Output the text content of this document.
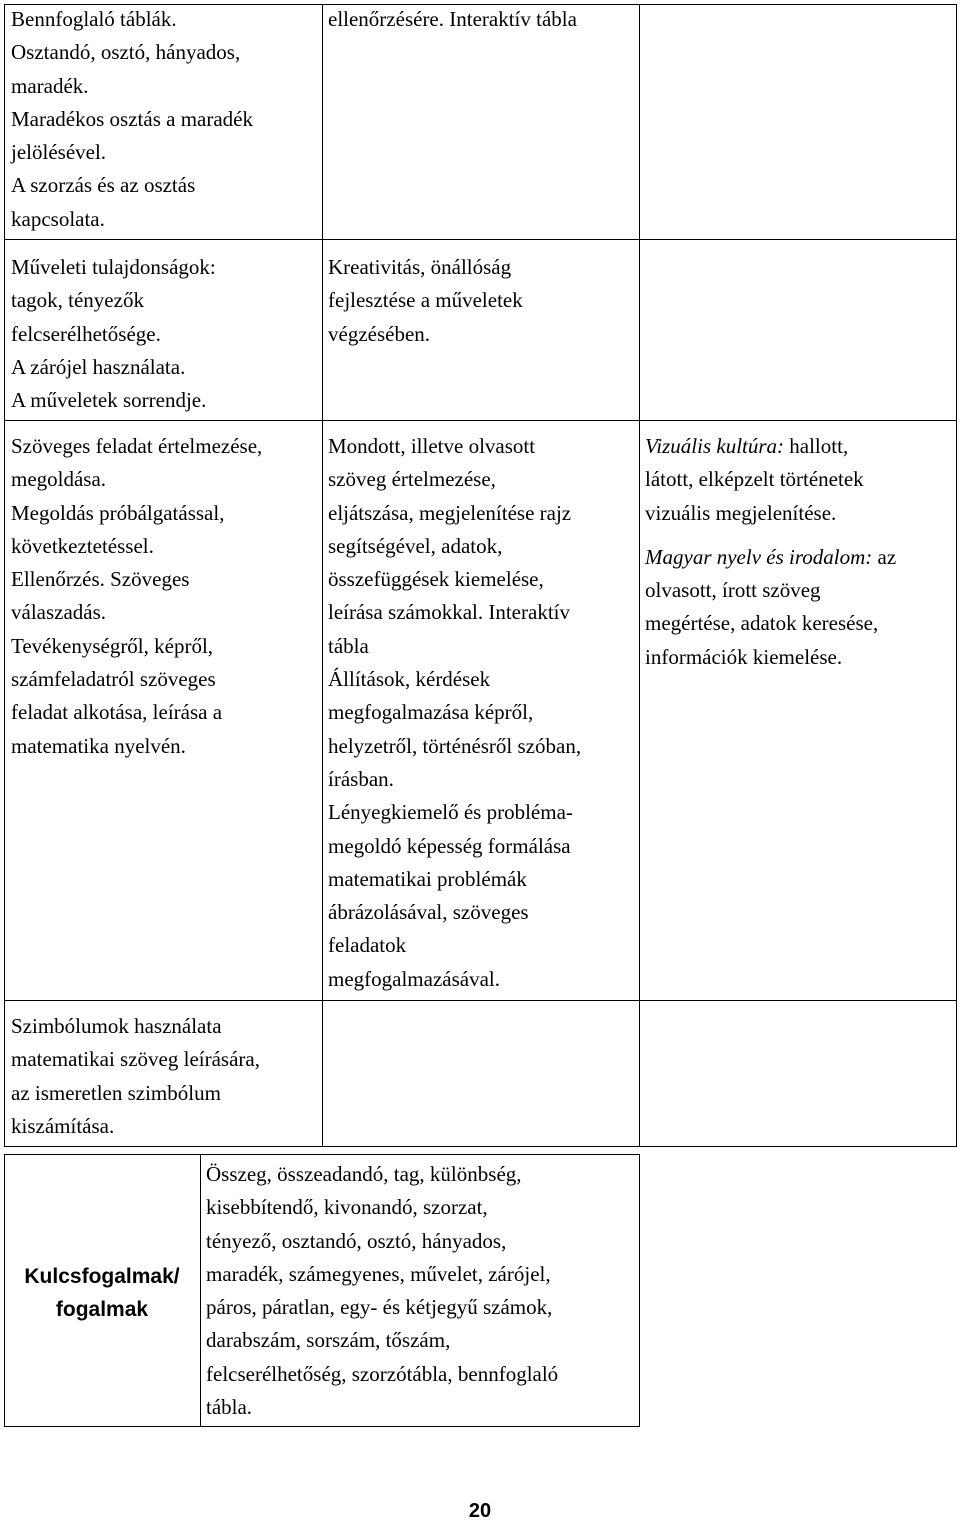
Bennfoglaló táblák.
Osztandó, osztó, hányados,
maradék.
Maradékos osztás a maradék
jelölésével.
A szorzás és az osztás
kapcsolata.
ellenőrzésére. Interaktív tábla
Műveleti tulajdonságok:
tagok, tényezők
felcserélhetősége.
A zárójel használata.
A műveletek sorrendje.
Kreativitás, önállóság
fejlesztése a műveletek
végzésében.
Szöveges feladat értelmezése,
megoldása.
Megoldás próbálgatással,
következtetéssel.
Ellenőrzés. Szöveges
válaszadás.
Tevékenységről, képről,
számfeladatról szöveges
feladat alkotása, leírása a
matematika nyelvén.
Mondott, illetve olvasott
szöveg értelmezése,
eljátszása, megjelenítése rajz
segítségével, adatok,
összefüggések kiemelése,
leírása számokkal. Interaktív
tábla
Állítások, kérdések
megfogalmazása képről,
helyzetről, történésről szóban,
írásban.
Lényegkiemelő és probléma-
megoldó képesség formálása
matematikai problémák
ábrázolásával, szöveges
feladatok
megfogalmazásával.
Vizuális kultúra: hallott,
látott, elképzelt történetek
vizuális megjelenítése.
Magyar nyelv és irodalom: az
olvasott, írott szöveg
megértése, adatok keresése,
információk kiemelése.
Szimbólumok használata
matematikai szöveg leírására,
az ismeretlen szimbólum
kiszámítása.
Kulcsfogalmak/
fogalmak
Összeg, összeadandó, tag, különbség,
kisebbítendő, kivonandó, szorzat,
tényező, osztandó, osztó, hányados,
maradék, számegyenes, művelet, zárójel,
páros, páratlan, egy- és kétjegyű számok,
darabszám, sorszám, tőszám,
felcserélhetőség, szorzótábla, bennfoglaló
tábla.
20
